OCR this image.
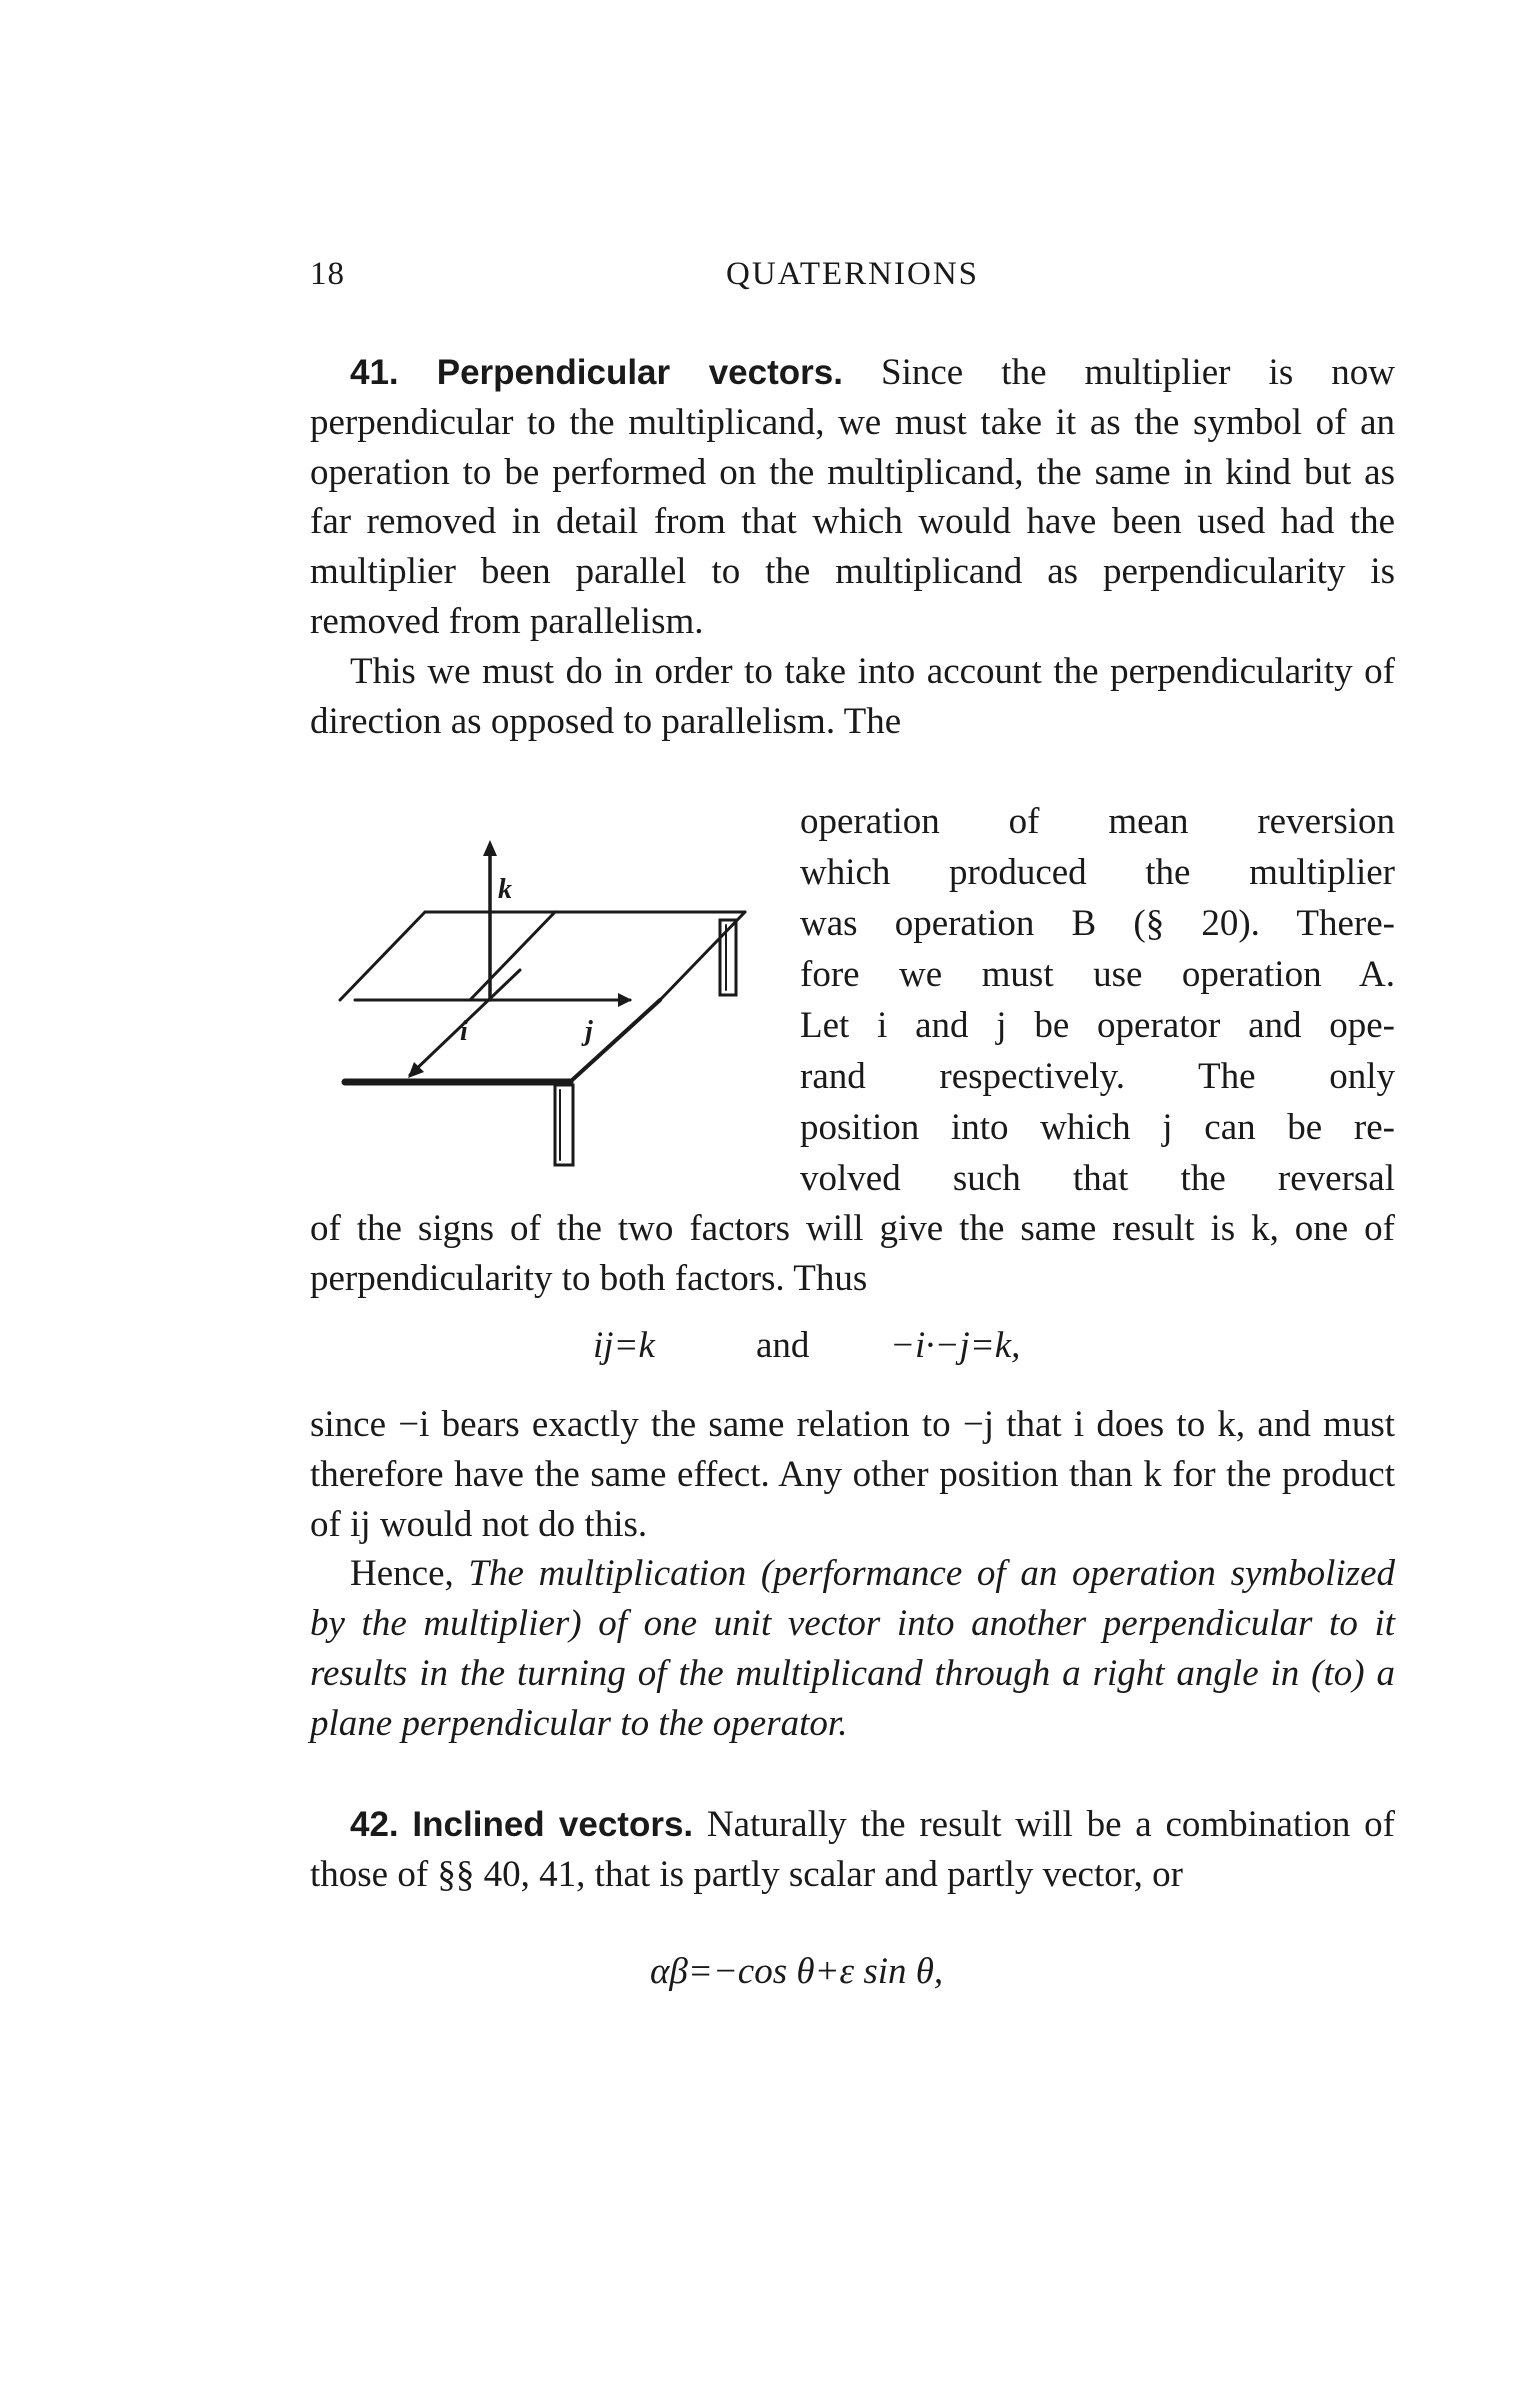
18	QUATERNIONS

41. Perpendicular vectors. Since the multiplier is now perpendicular to the multiplicand, we must take it as the symbol of an operation to be performed on the multiplicand, the same in kind but as far removed in detail from that which would have been used had the multiplier been parallel to the multiplicand as perpendicularity is removed from parallelism.

This we must do in order to take into account the perpendicularity of direction as opposed to parallelism. The

operation of mean reversion

which produced the multiplier

was operation B (§ 20). There-

fore we must use operation A.

Let i and j be operator and ope-

rand respectively. The only

position into which j can be re-

volved such that the reversal

k
i	j

of the signs of the two factors will give the same result is k, one of perpendicularity to both factors. Thus

ij=k	and −i·−j=k,

since −i bears exactly the same relation to −j that i does to k, and must therefore have the same effect. Any other position than k for the product of ij would not do this.

Hence, The multiplication (performance of an operation symbolized by the multiplier) of one unit vector into another perpendicular to it results in the turning of the multiplicand through a right angle in (to) a plane perpendicular to the operator.

42. Inclined vectors. Naturally the result will be a combination of those of §§ 40, 41, that is partly scalar and partly vector, or

αβ=−cos θ+ε sin θ,
